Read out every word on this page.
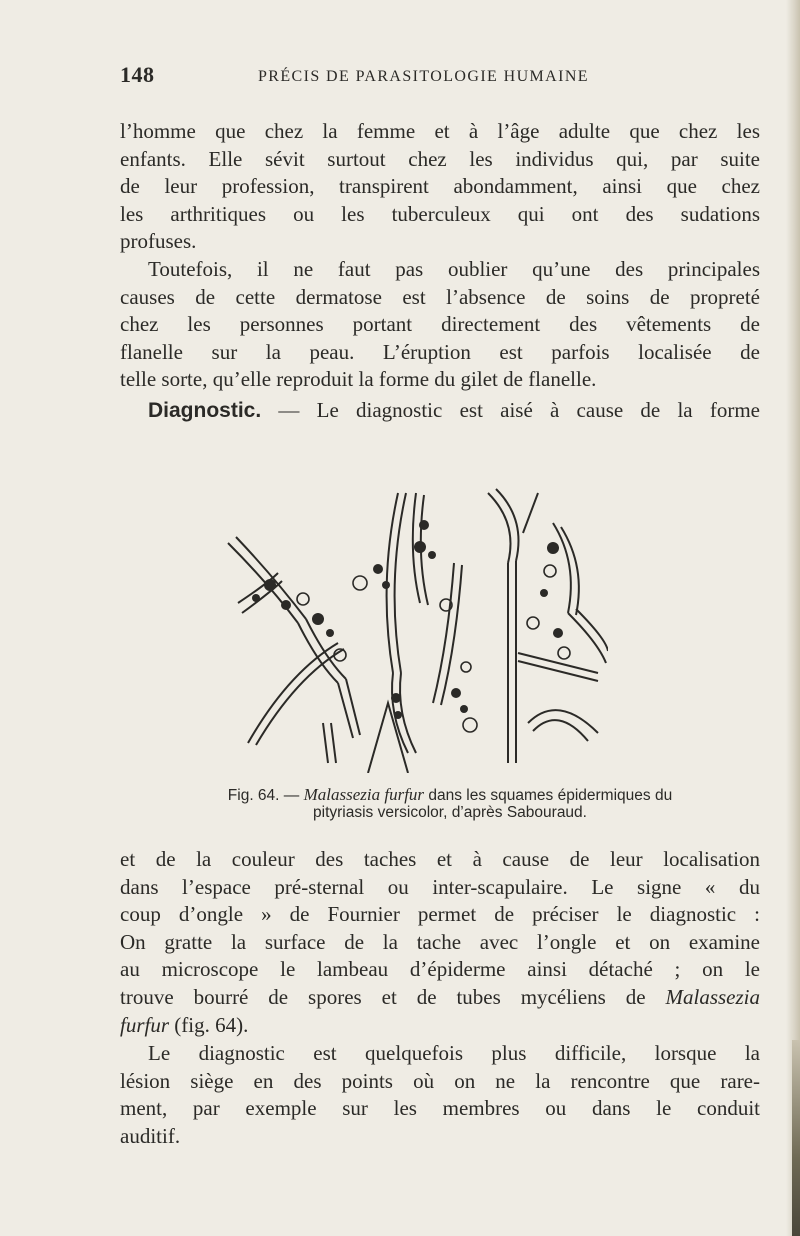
148	PRÉCIS DE PARASITOLOGIE HUMAINE
l’homme que chez la femme et à l’âge adulte que chez les
enfants. Elle sévit surtout chez les individus qui, par suite
de leur profession, transpirent abondamment, ainsi que chez
les arthritiques ou les tuberculeux qui ont des sudations
profuses.
Toutefois, il ne faut pas oublier qu’une des principales
causes de cette dermatose est l’absence de soins de propreté
chez les personnes portant directement des vêtements de
flanelle sur la peau. L’éruption est parfois localisée de
telle sorte, qu’elle reproduit la forme du gilet de flanelle.
Diagnostic. — Le diagnostic est aisé à cause de la forme
Fig. 64. — Malassezia furfur dans les squames épidermiques du
pityriasis versicolor, d’après Sabouraud.
et de la couleur des taches et à cause de leur localisation
dans l’espace pré-sternal ou inter-scapulaire. Le signe « du
coup d’ongle » de Fournier permet de préciser le diagnostic :
On gratte la surface de la tache avec l’ongle et on examine
au microscope le lambeau d’épiderme ainsi détaché ; on le
trouve bourré de spores et de tubes mycéliens de Malassezia
furfur (fig. 64).
Le diagnostic est quelquefois plus difficile, lorsque la
lésion siège en des points où on ne la rencontre que rare-
ment, par exemple sur les membres ou dans le conduit
auditif.
